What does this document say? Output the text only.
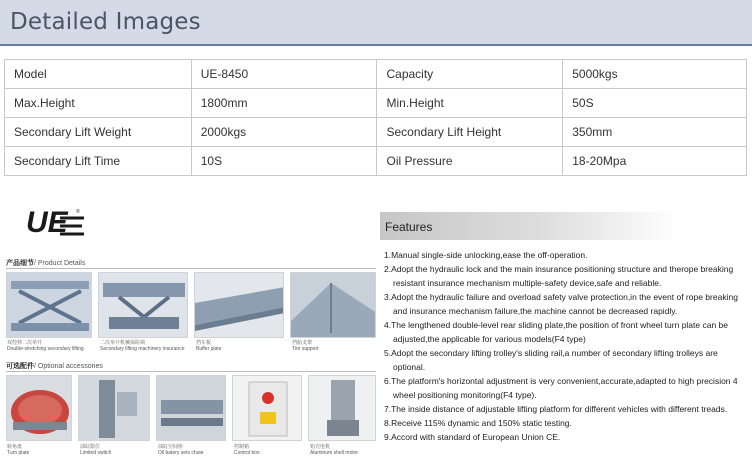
Detailed Images
Model	UE-8450	Capacity	5000kgs
Max.Height	1800mm	Min.Height	50S
Secondary Lift Weight	2000kgs	Secondary Lift Height	350mm
Secondary Lift Time	10S	Oil Pressure	18-20Mpa
UE ®
产品细节/ Product Details
双控伸二次举升
Double-stretching secondary lifting
二次举升机械保险锁
Secondary lifting machinery insurance
挡车板
Buffer plate
挡胎支架
Tire support
可选配件/ Optional accessories
转角盘
Turn plate
油缸限位
Limited switch
油缸空间座
Oil batery sets chute
控制箱
Control box
铝壳电机
Aluminum shell motor
Features
1.Manual single-side unlocking,ease the off-operation.
2.Adopt the hydraulic lock and the main insurance positioning structure and therope breaking resistant insurance mechanism multiple-safety device,safe and reliable.
3.Adopt the hydraulic failure and overload safety valve protection,in the event of rope breaking and insurance mechanism failure,the machine cannot be decreased rapidly.
4.The lengthened double-level rear sliding plate,the position of front wheel turn plate can be adjusted,the applicable for various models(F4 type)
5.Adopt the secondary lifting trolley's sliding rail,a number of secondary lifting trolleys are optional.
6.The platform's horizontal adjustment is very convenient,accurate,adapted to high precision 4 wheel positioning monitoring(F4 type).
7.The inside distance of adjustable lifting platform for different vehicles with different treads.
8.Receive 115% dynamic and 150% static testing.
9.Accord with standard of European Union CE.
